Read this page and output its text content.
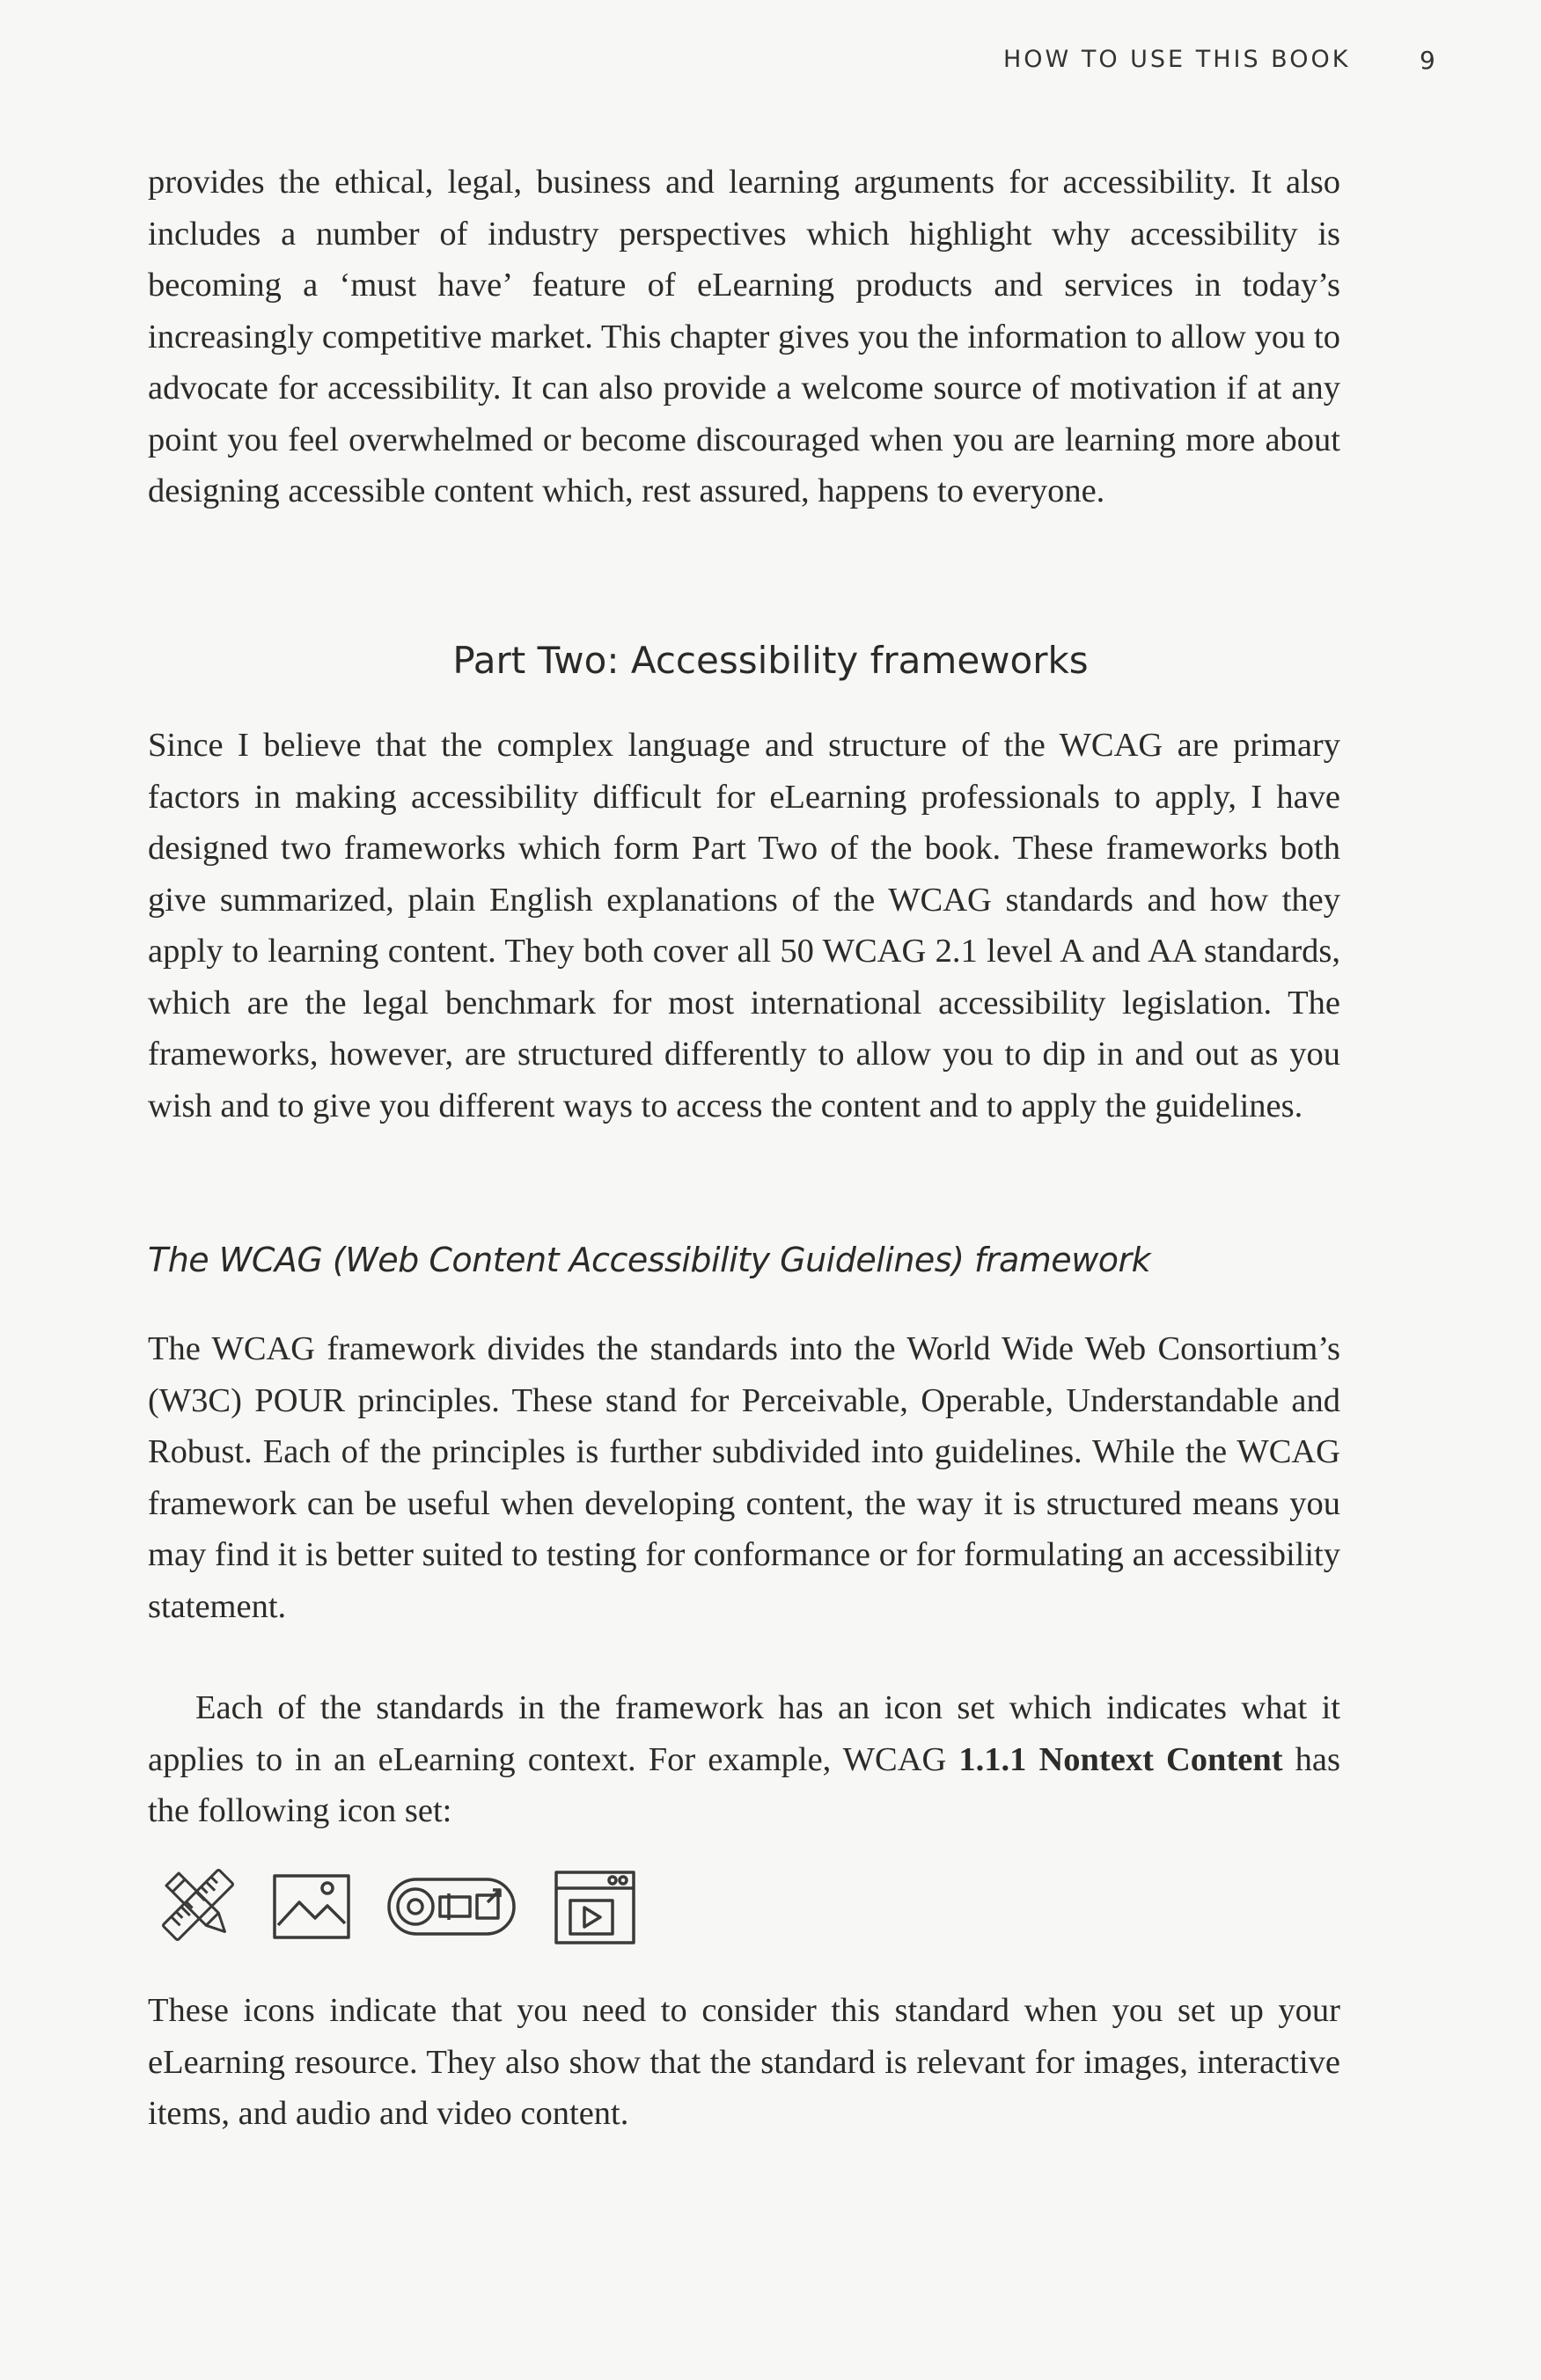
HOW TO USE THIS BOOK	9

provides the ethical, legal, business and learning arguments for accessibility. It also includes a number of industry perspectives which highlight why accessibility is becoming a ‘must have’ feature of eLearning products and services in today’s increasingly competitive market. This chapter gives you the information to allow you to advocate for accessibility. It can also provide a welcome source of motivation if at any point you feel overwhelmed or become discouraged when you are learning more about designing accessible content which, rest assured, happens to everyone.

Part Two: Accessibility frameworks

Since I believe that the complex language and structure of the WCAG are primary factors in making accessibility difficult for eLearning professionals to apply, I have designed two frameworks which form Part Two of the book. These frameworks both give summarized, plain English explanations of the WCAG standards and how they apply to learning content. They both cover all 50 WCAG 2.1 level A and AA standards, which are the legal benchmark for most international accessibility legislation. The frameworks, however, are structured differently to allow you to dip in and out as you wish and to give you different ways to access the content and to apply the guidelines.

The WCAG (Web Content Accessibility Guidelines) framework

The WCAG framework divides the standards into the World Wide Web Consortium’s (W3C) POUR principles. These stand for Perceivable, Operable, Understandable and Robust. Each of the principles is further subdivided into guidelines. While the WCAG framework can be useful when developing content, the way it is structured means you may find it is better suited to testing for conformance or for formulating an accessibility statement.

Each of the standards in the framework has an icon set which indicates what it applies to in an eLearning context. For example, WCAG 1.1.1 Nontext Content has the following icon set:

These icons indicate that you need to consider this standard when you set up your eLearning resource. They also show that the standard is relevant for images, interactive items, and audio and video content.
